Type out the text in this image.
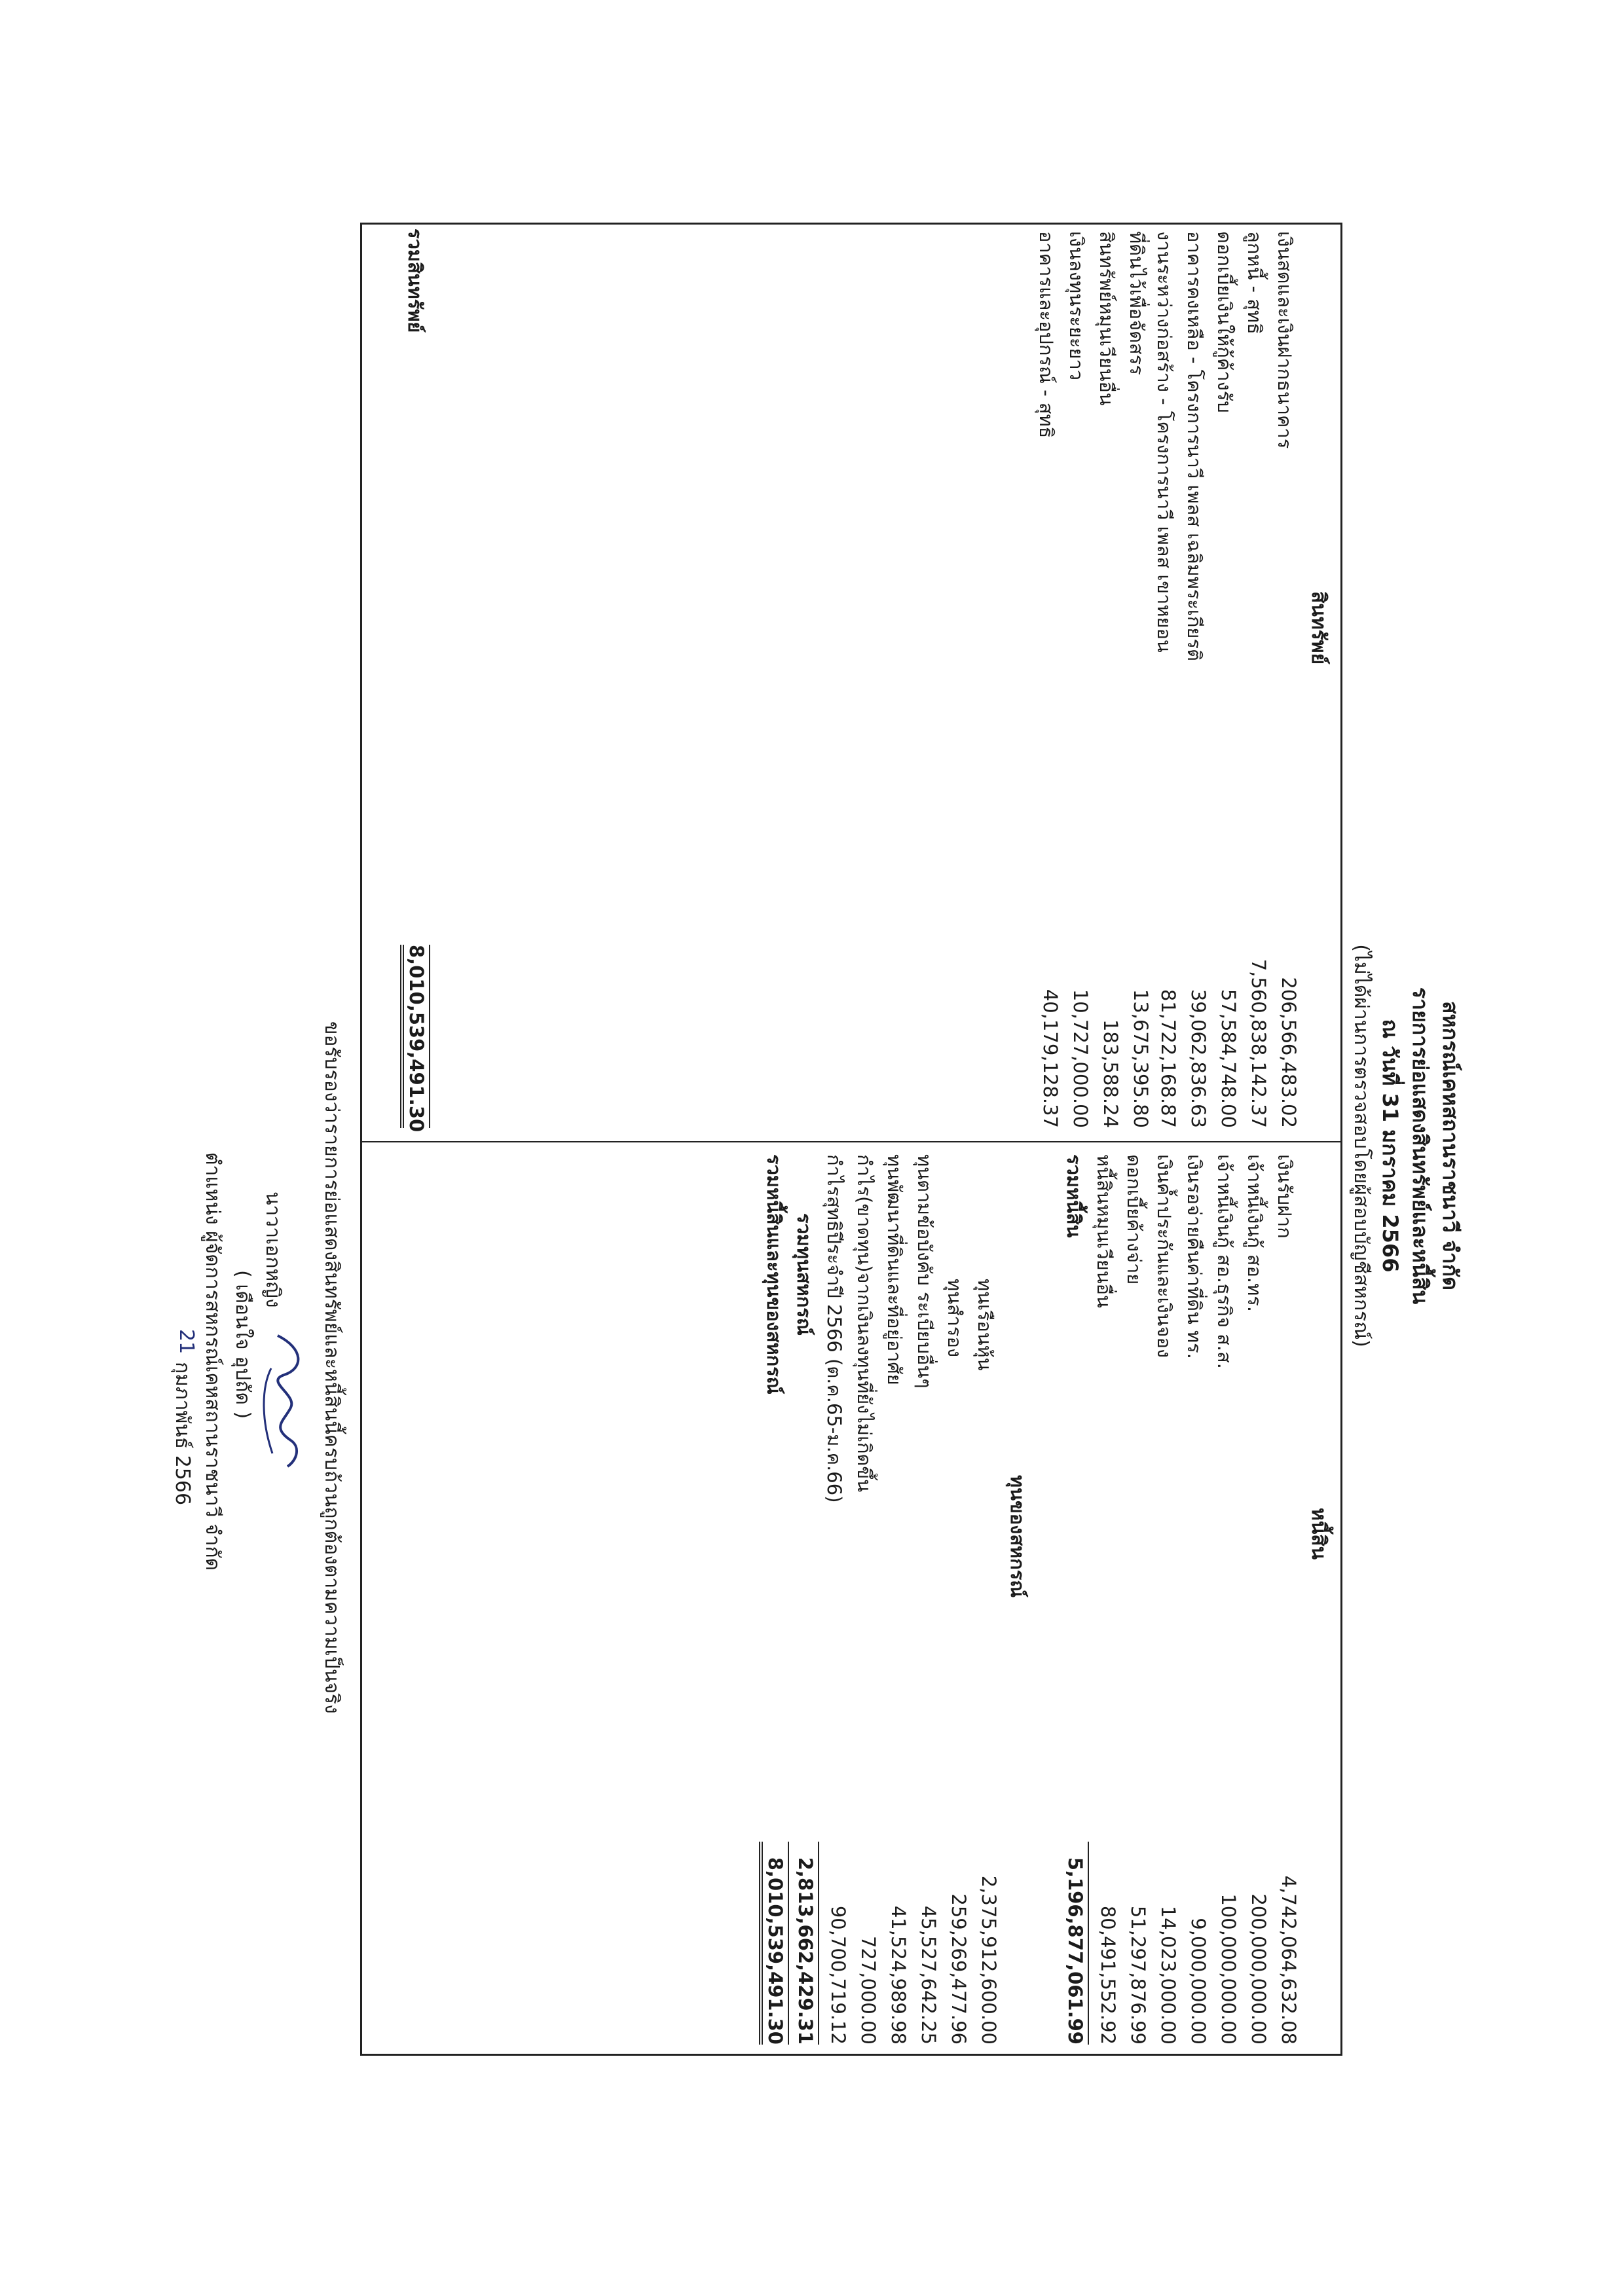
สหกรณ์เคหสถานราชนาวี จำกัด
รายการย่อแสดงสินทรัพย์และหนี้สิน
ณ วันที่ 31 มกราคม 2566
(ไม่ได้ผ่านการตรวจสอบโดยผู้สอบบัญชีสหกรณ์)
สินทรัพย์
เงินสดและเงินฝากธนาคาร
206,566,483.02
ลูกหนี้ - สุทธิ
7,560,838,142.37
ดอกเบี้ยเงินให้กู้ค้างรับ
57,584,748.00
อาคารคงเหลือ - โครงการนาวี เพลส เฉลิมพระเกียรติ
39,062,836.63
งานระหว่างก่อสร้าง - โครงการนาวี เพลส เขาหยอน
81,722,168.87
ที่ดินไว้เพื่อจัดสรร
13,675,395.80
สินทรัพย์หมุนเวียนอื่น
183,588.24
เงินลงทุนระยะยาว
10,727,000.00
อาคารและอุปกรณ์ - สุทธิ
40,179,128.37
รวมสินทรัพย์
8,010,539,491.30
หนี้สิน
เงินรับฝาก
4,742,064,632.08
เจ้าหนี้เงินกู้ สอ.ทร.
200,000,000.00
เจ้าหนี้เงินกู้ สอ.ธุรกิจ ส.ส.
100,000,000.00
เงินรอจ่ายคืนค่าที่ดิน ทร.
9,000,000.00
เงินค้ำประกันและเงินจอง
14,023,000.00
ดอกเบี้ยค้างจ่าย
51,297,876.99
หนี้สินหมุนเวียนอื่น
80,491,552.92
รวมหนี้สิน
5,196,877,061.99
ทุนของสหกรณ์
ทุนเรือนหุ้น
2,375,912,600.00
ทุนสำรอง
259,269,477.96
ทุนตามข้อบังคับ ระเบียบอื่นๆ
45,527,642.25
ทุนพัฒนาที่ดินและที่อยู่อาศัย
41,524,989.98
กำไร(ขาดทุน)จากเงินลงทุนที่ยังไม่เกิดขึ้น
727,000.00
กำไรสุทธิปีระจำปี 2566 (ต.ค.65-ม.ค.66)
90,700,719.12
รวมทุนสหกรณ์
2,813,662,429.31
รวมหนี้สินและทุนของสหกรณ์
8,010,539,491.30
ขอรับรองว่ารายการย่อแสดงสินทรัพย์และหนี้สินนี้ครบถ้วนถูกต้องตามความเป็นจริง
นาวาเอกหญิง
( เดือนใจ อุปถัด )
ตำแหน่ง ผู้จัดการสหกรณ์เคหสถานราชนาวี จำกัด
21
กุมภาพันธ์ 2566
